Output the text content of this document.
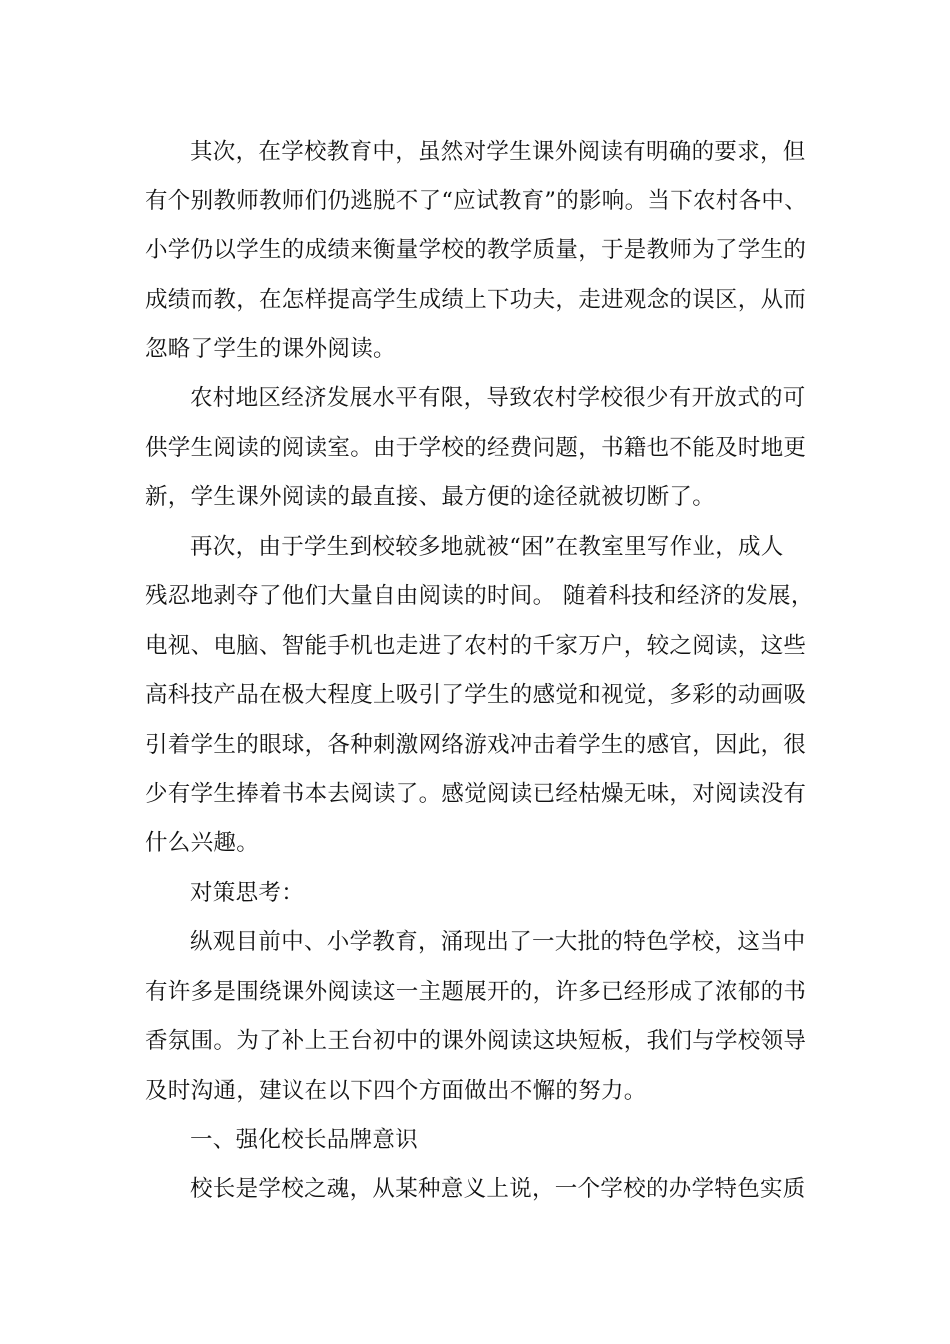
其次，在学校教育中，虽然对学生课外阅读有明确的要求，但
有个别教师教师们仍逃脱不了“应试教育”的影响。当下农村各中、
小学仍以学生的成绩来衡量学校的教学质量，于是教师为了学生的
成绩而教，在怎样提高学生成绩上下功夫，走进观念的误区，从而
忽略了学生的课外阅读。
农村地区经济发展水平有限，导致农村学校很少有开放式的可
供学生阅读的阅读室。由于学校的经费问题，书籍也不能及时地更
新，学生课外阅读的最直接、最方便的途径就被切断了。
再次，由于学生到校较多地就被“困”在教室里写作业，成人
残忍地剥夺了他们大量自由阅读的时间。 随着科技和经济的发展，
电视、电脑、智能手机也走进了农村的千家万户，较之阅读，这些
高科技产品在极大程度上吸引了学生的感觉和视觉，多彩的动画吸
引着学生的眼球，各种刺激网络游戏冲击着学生的感官，因此，很
少有学生捧着书本去阅读了。感觉阅读已经枯燥无味，对阅读没有
什么兴趣。
对策思考：
纵观目前中、小学教育，涌现出了一大批的特色学校，这当中
有许多是围绕课外阅读这一主题展开的，许多已经形成了浓郁的书
香氛围。为了补上王台初中的课外阅读这块短板，我们与学校领导
及时沟通，建议在以下四个方面做出不懈的努力。
一、强化校长品牌意识
校长是学校之魂，从某种意义上说，一个学校的办学特色实质
